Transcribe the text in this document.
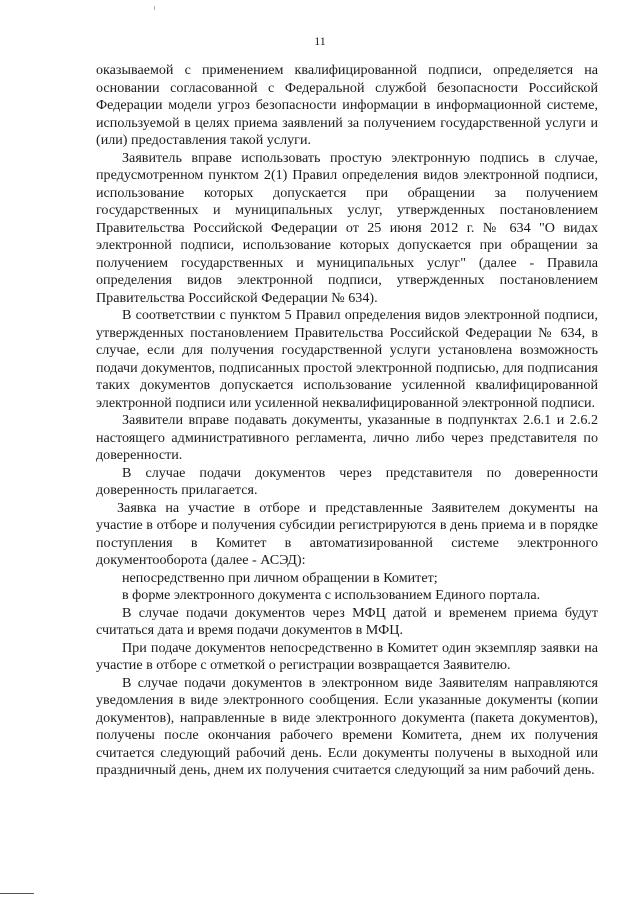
11

оказываемой с применением квалифицированной подписи, определяется на основании согласованной с Федеральной службой безопасности Российской Федерации модели угроз безопасности информации в информационной системе, используемой в целях приема заявлений за получением государственной услуги и (или) предоставления такой услуги.

Заявитель вправе использовать простую электронную подпись в случае, предусмотренном пунктом 2(1) Правил определения видов электронной подписи, использование которых допускается при обращении за получением государственных и муниципальных услуг, утвержденных постановлением Правительства Российской Федерации от 25 июня 2012 г. № 634 "О видах электронной подписи, использование которых допускается при обращении за получением государственных и муниципальных услуг" (далее - Правила определения видов электронной подписи, утвержденных постановлением Правительства Российской Федерации № 634).

В соответствии с пунктом 5 Правил определения видов электронной подписи, утвержденных постановлением Правительства Российской Федерации № 634, в случае, если для получения государственной услуги установлена возможность подачи документов, подписанных простой электронной подписью, для подписания таких документов допускается использование усиленной квалифицированной электронной подписи или усиленной неквалифицированной электронной подписи.

Заявители вправе подавать документы, указанные в подпунктах 2.6.1 и 2.6.2 настоящего административного регламента, лично либо через представителя по доверенности.

В случае подачи документов через представителя по доверенности доверенность прилагается.

Заявка на участие в отборе и представленные Заявителем документы на участие в отборе и получения субсидии регистрируются в день приема и в порядке поступления в Комитет в автоматизированной системе электронного документооборота (далее - АСЭД):

непосредственно при личном обращении в Комитет;

в форме электронного документа с использованием Единого портала.

В случае подачи документов через МФЦ датой и временем приема будут считаться дата и время подачи документов в МФЦ.

При подаче документов непосредственно в Комитет один экземпляр заявки на участие в отборе с отметкой о регистрации возвращается Заявителю.

В случае подачи документов в электронном виде Заявителям направляются уведомления в виде электронного сообщения. Если указанные документы (копии документов), направленные в виде электронного документа (пакета документов), получены после окончания рабочего времени Комитета, днем их получения считается следующий рабочий день. Если документы получены в выходной или праздничный день, днем их получения считается следующий за ним рабочий день.
